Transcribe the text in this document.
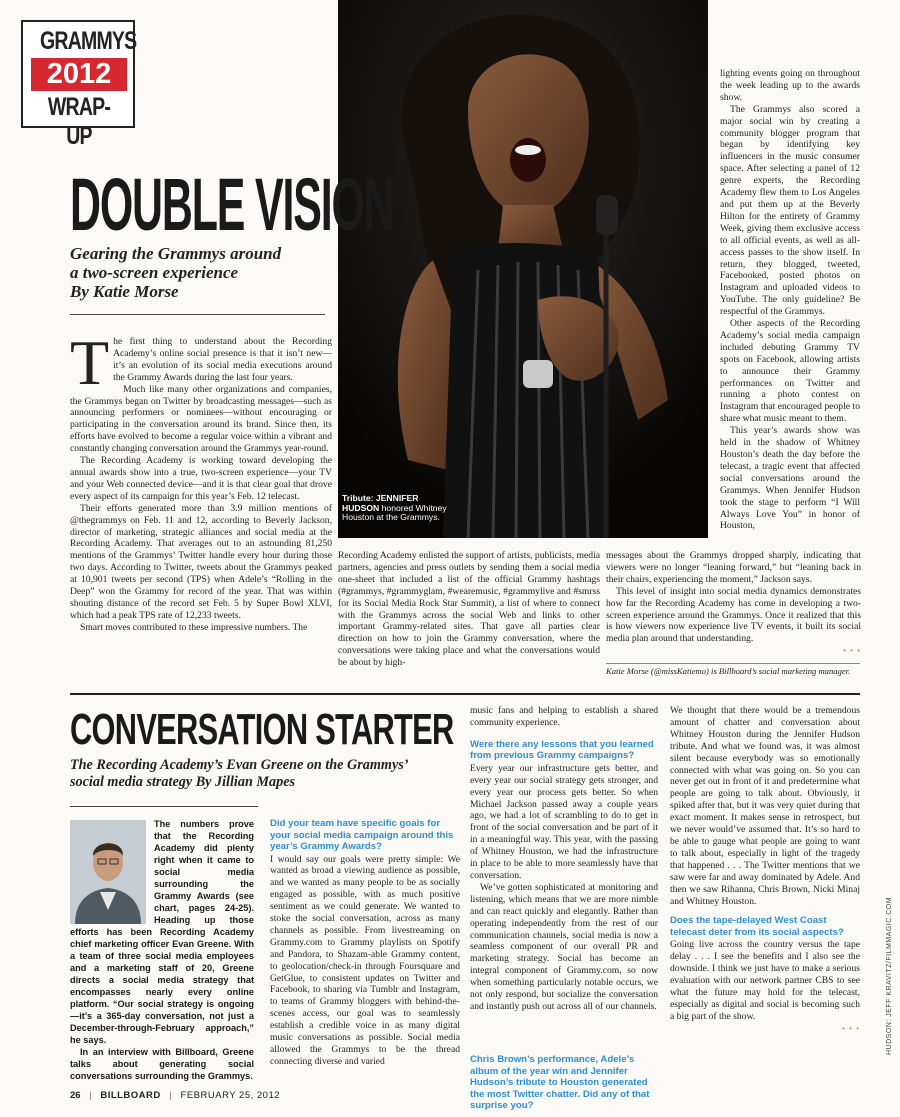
GRAMMYS
2012
WRAP-UP
Tribute: JENNIFER HUDSON honored Whitney Houston at the Grammys.
DOUBLE VISION
Gearing the Grammys around
a two-screen experience
By Katie Morse
T he first thing to understand about the Recording Academy’s online social presence is that it isn’t new—it’s an evolution of its social media executions around the Grammy Awards during the last four years.

Much like many other organizations and companies, the Grammys began on Twitter by broadcasting messages—such as announcing performers or nominees—without encouraging or participating in the conversation around its brand. Since then, its efforts have evolved to become a regular voice within a vibrant and constantly changing conversation around the Grammys year-round.

The Recording Academy is working toward developing the annual awards show into a true, two-screen experience—your TV and your Web connected device—and it is that clear goal that drove every aspect of its campaign for this year’s Feb. 12 telecast.

Their efforts generated more than 3.9 million mentions of @thegrammys on Feb. 11 and 12, according to Beverly Jackson, director of marketing, strategic alliances and social media at the Recording Academy. That averages out to an astounding 81,250 mentions of the Grammys’ Twitter handle every hour during those two days. According to Twitter, tweets about the Grammys peaked at 10,901 tweets per second (TPS) when Adele’s “Rolling in the Deep” won the Grammy for record of the year. That was within shouting distance of the record set Feb. 5 by Super Bowl XLVI, which had a peak TPS rate of 12,233 tweets.

Smart moves contributed to these impressive numbers. The

Recording Academy enlisted the support of artists, publicists, media partners, agencies and press outlets by sending them a social media one-sheet that included a list of the official Grammy hashtags (#grammys, #grammyglam, #wearemusic, #grammylive and #smrss for its Social Media Rock Star Summit), a list of where to connect with the Grammys across the social Web and links to other important Grammy-related sites. That gave all parties clear direction on how to join the Grammy conversation, where the conversations were taking place and what the conversations would be about by high-

lighting events going on throughout the week leading up to the awards show.

The Grammys also scored a major social win by creating a community blogger program that began by identifying key influencers in the music consumer space. After selecting a panel of 12 genre experts, the Recording Academy flew them to Los Angeles and put them up at the Beverly Hilton for the entirety of Grammy Week, giving them exclusive access to all official events, as well as all-access passes to the show itself. In return, they blogged, tweeted, Facebooked, posted photos on Instagram and uploaded videos to YouTube. The only guideline? Be respectful of the Grammys.

Other aspects of the Recording Academy’s social media campaign included debuting Grammy TV spots on Facebook, allowing artists to announce their Grammy performances on Twitter and running a photo contest on Instagram that encouraged people to share what music meant to them.

This year’s awards show was held in the shadow of Whitney Houston’s death the day before the telecast, a tragic event that affected social conversations around the Grammys. When Jennifer Hudson took the stage to perform “I Will Always Love You” in honor of Houston,

messages about the Grammys dropped sharply, indicating that viewers were no longer “leaning forward,” but “leaning back in their chairs, experiencing the moment,” Jackson says.

This level of insight into social media dynamics demonstrates how far the Recording Academy has come in developing a two-screen experience around the Grammys. Once it realized that this is how viewers now experience live TV events, it built its social media plan around that understanding.

• • •
Katie Morse (@missKatiemo) is Billboard’s social marketing manager.
CONVERSATION STARTER
The Recording Academy’s Evan Greene on the Grammys’
social media strategy By Jillian Mapes

The numbers prove that the Recording Academy did plenty right when it came to social media surrounding the Grammy Awards (see chart, pages 24-25). Heading up those efforts has been Recording Academy chief marketing officer Evan Greene. With a team of three social media employees and a marketing staff of 20, Greene directs a social media strategy that encompasses nearly every online platform. “Our social strategy is ongoing—it’s a 365-day conversation, not just a December-through-February approach,” he says.

In an interview with Billboard, Greene talks about generating social conversations surrounding the Grammys.

Did your team have specific goals for your social media campaign around this year’s Grammy Awards?

I would say our goals were pretty simple: We wanted as broad a viewing audience as possible, and we wanted as many people to be as socially engaged as possible, with as much positive sentiment as we could generate. We wanted to stoke the social conversation, across as many channels as possible. From livestreaming on Grammy.com to Grammy playlists on Spotify and Pandora, to Shazam-able Grammy content, to geolocation/check-in through Foursquare and GetGlue, to consistent updates on Twitter and Facebook, to sharing via Tumblr and Instagram, to teams of Grammy bloggers with behind-the-scenes access, our goal was to seamlessly establish a credible voice in as many digital music conversations as possible. Social media allowed the Grammys to be the thread connecting diverse and varied

music fans and helping to establish a shared community experience.

Were there any lessons that you learned from previous Grammy campaigns?

Every year our infrastructure gets better, and every year our social strategy gets stronger, and every year our process gets better. So when Michael Jackson passed away a couple years ago, we had a lot of scrambling to do to get in front of the social conversation and be part of it in a meaningful way. This year, with the passing of Whitney Houston, we had the infrastructure in place to be able to more seamlessly have that conversation.

We’ve gotten sophisticated at monitoring and listening, which means that we are more nimble and can react quickly and elegantly. Rather than operating independently from the rest of our communication channels, social media is now a seamless component of our overall PR and marketing strategy. Social has become an integral component of Grammy.com, so now when something particularly notable occurs, we not only respond, but socialize the conversation and instantly push out across all of our channels.

Chris Brown’s performance, Adele’s album of the year win and Jennifer Hudson’s tribute to Houston generated the most Twitter chatter. Did any of that surprise you?

We thought that there would be a tremendous amount of chatter and conversation about Whitney Houston during the Jennifer Hudson tribute. And what we found was, it was almost silent because everybody was so emotionally connected with what was going on. So you can never get out in front of it and predetermine what people are going to talk about. Obviously, it spiked after that, but it was very quiet during that exact moment. It makes sense in retrospect, but we never would’ve assumed that. It’s so hard to be able to gauge what people are going to want to talk about, especially in light of the tragedy that happened . . . The Twitter mentions that we saw were far and away dominated by Adele. And then we saw Rihanna, Chris Brown, Nicki Minaj and Whitney Houston.

Does the tape-delayed West Coast telecast deter from its social aspects?

Going live across the country versus the tape delay . . . I see the benefits and I also see the downside. I think we just have to make a serious evaluation with our network partner CBS to see what the future may hold for the telecast, especially as digital and social is becoming such a big part of the show.

• • •	HUDSON: JEFF KRAVITZ/FILMMAGIC.COM
26 | BILLBOARD | FEBRUARY 25, 2012
